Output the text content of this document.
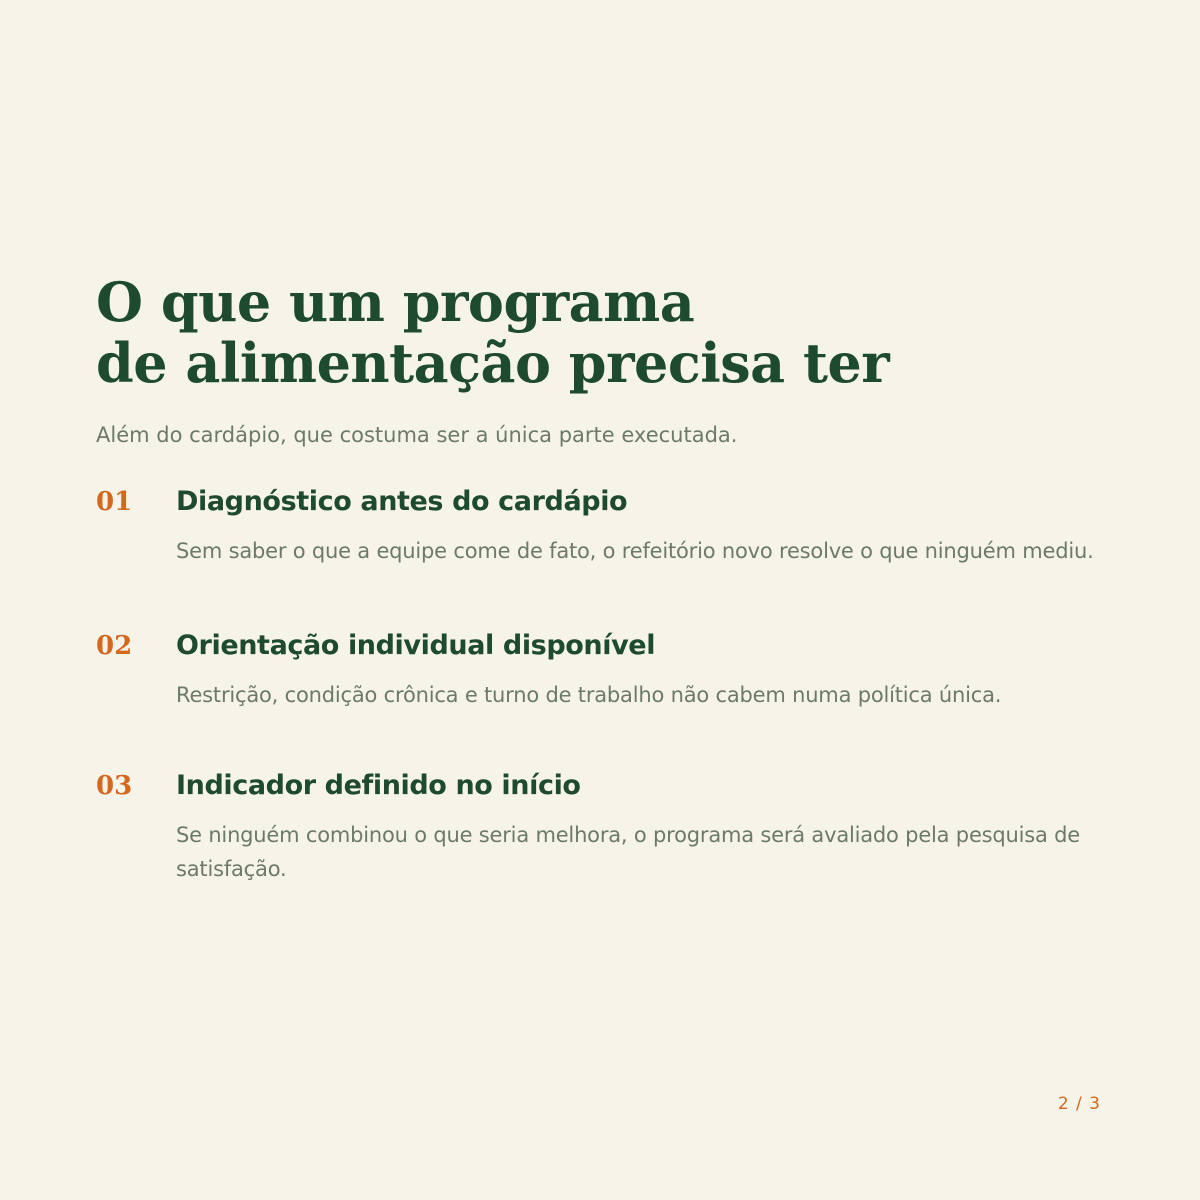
O que um programa
de alimentação precisa ter

Além do cardápio, que costuma ser a única parte executada.

01	Diagnóstico antes do cardápio

Sem saber o que a equipe come de fato, o refeitório novo resolve o que ninguém mediu.

02	Orientação individual disponível

Restrição, condição crônica e turno de trabalho não cabem numa política única.

03	Indicador definido no início

Se ninguém combinou o que seria melhora, o programa será avaliado pela pesquisa de satisfação.

2 / 3
